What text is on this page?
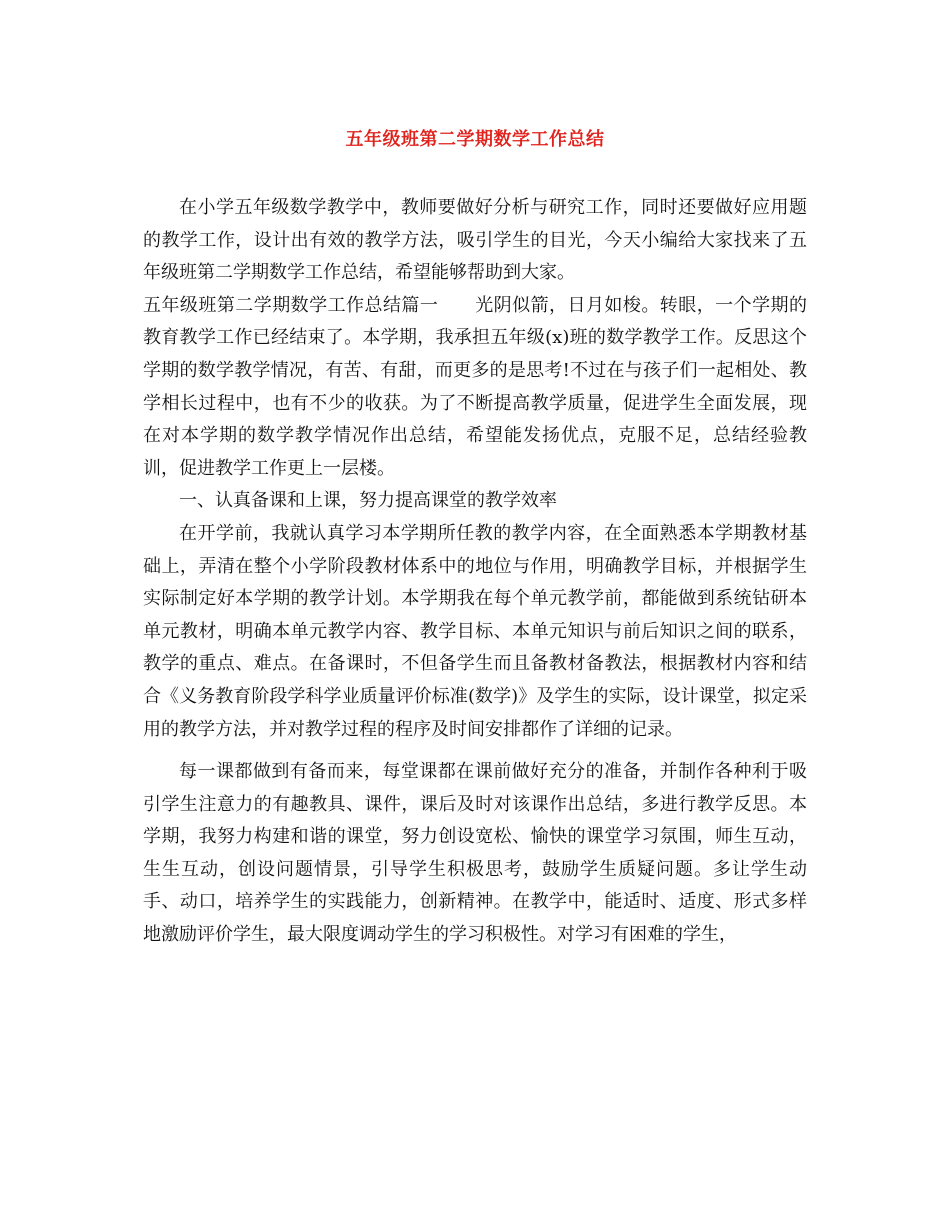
五年级班第二学期数学工作总结

在小学五年级数学教学中，教师要做好分析与研究工作，同时还要做好应用题的教学工作，设计出有效的教学方法，吸引学生的目光，今天小编给大家找来了五年级班第二学期数学工作总结，希望能够帮助到大家。

五年级班第二学期数学工作总结篇一　　光阴似箭，日月如梭。转眼，一个学期的教育教学工作已经结束了。本学期，我承担五年级(x)班的数学教学工作。反思这个学期的数学教学情况，有苦、有甜，而更多的是思考!不过在与孩子们一起相处、教学相长过程中，也有不少的收获。为了不断提高教学质量，促进学生全面发展，现在对本学期的数学教学情况作出总结，希望能发扬优点，克服不足，总结经验教训，促进教学工作更上一层楼。

一、认真备课和上课，努力提高课堂的教学效率

在开学前，我就认真学习本学期所任教的教学内容，在全面熟悉本学期教材基础上，弄清在整个小学阶段教材体系中的地位与作用，明确教学目标，并根据学生实际制定好本学期的教学计划。本学期我在每个单元教学前，都能做到系统钻研本单元教材，明确本单元教学内容、教学目标、本单元知识与前后知识之间的联系，教学的重点、难点。在备课时，不但备学生而且备教材备教法，根据教材内容和结合《义务教育阶段学科学业质量评价标准(数学)》及学生的实际，设计课堂，拟定采用的教学方法，并对教学过程的程序及时间安排都作了详细的记录。

每一课都做到有备而来，每堂课都在课前做好充分的准备，并制作各种利于吸引学生注意力的有趣教具、课件，课后及时对该课作出总结，多进行教学反思。本学期，我努力构建和谐的课堂，努力创设宽松、愉快的课堂学习氛围，师生互动，生生互动，创设问题情景，引导学生积极思考，鼓励学生质疑问题。多让学生动手、动口，培养学生的实践能力，创新精神。在教学中，能适时、适度、形式多样地激励评价学生，最大限度调动学生的学习积极性。对学习有困难的学生，
